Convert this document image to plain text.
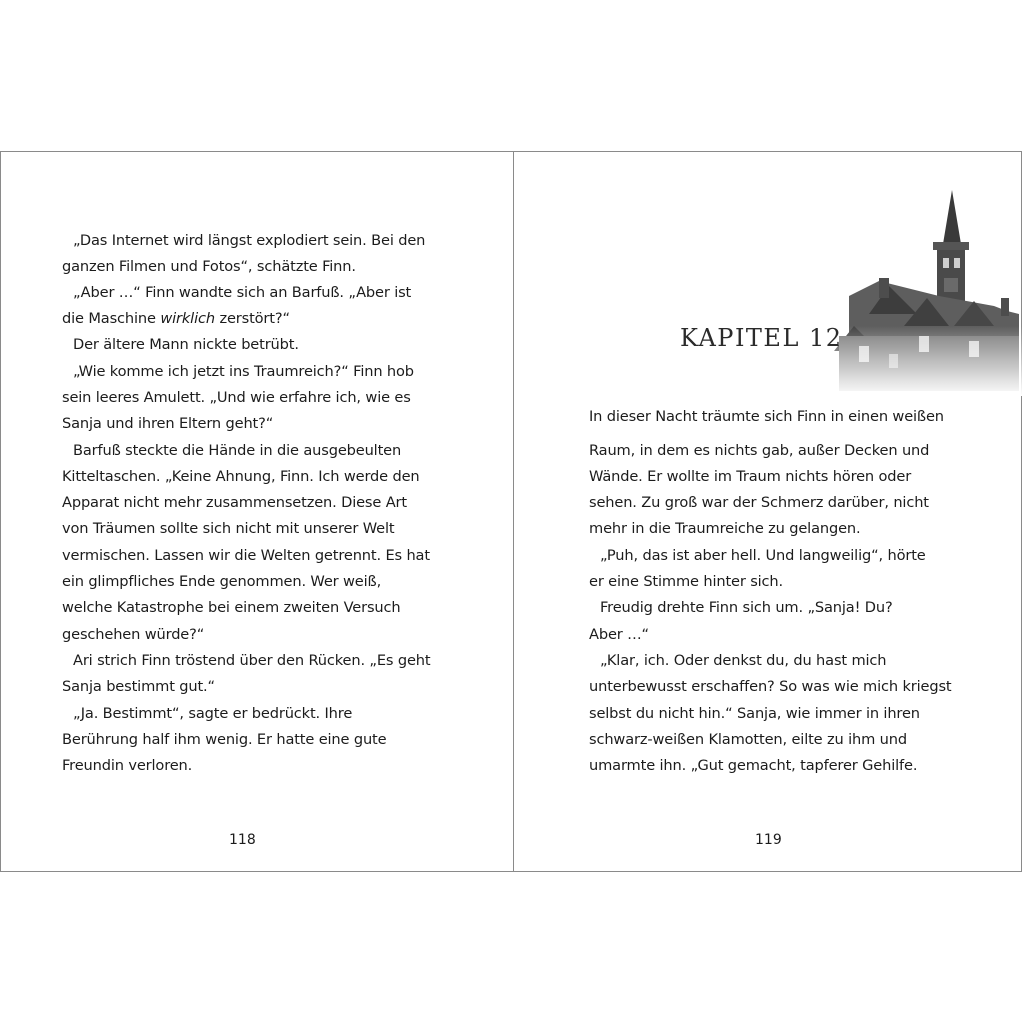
„Das Internet wird längst explodiert sein. Bei den
ganzen Filmen und Fotos“, schätzte Finn.
„Aber …“ Finn wandte sich an Barfuß. „Aber ist
die Maschine wirklich zerstört?“
Der ältere Mann nickte betrübt.
„Wie komme ich jetzt ins Traumreich?“ Finn hob
sein leeres Amulett. „Und wie erfahre ich, wie es
Sanja und ihren Eltern geht?“
Barfuß steckte die Hände in die ausgebeulten
Kitteltaschen. „Keine Ahnung, Finn. Ich werde den
Apparat nicht mehr zusammensetzen. Diese Art
von Träumen sollte sich nicht mit unserer Welt
vermischen. Lassen wir die Welten getrennt. Es hat
ein glimpfliches Ende genommen. Wer weiß,
welche Katastrophe bei einem zweiten Versuch
geschehen würde?“
Ari strich Finn tröstend über den Rücken. „Es geht
Sanja bestimmt gut.“
„Ja. Bestimmt“, sagte er bedrückt. Ihre
Berührung half ihm wenig. Er hatte eine gute
Freundin verloren.
118
KAPITEL 12
In dieser Nacht träumte sich Finn in einen weißen
Raum, in dem es nichts gab, außer Decken und
Wände. Er wollte im Traum nichts hören oder
sehen. Zu groß war der Schmerz darüber, nicht
mehr in die Traumreiche zu gelangen.
„Puh, das ist aber hell. Und langweilig“, hörte
er eine Stimme hinter sich.
Freudig drehte Finn sich um. „Sanja! Du?
Aber …“
„Klar, ich. Oder denkst du, du hast mich
unterbewusst erschaffen? So was wie mich kriegst
selbst du nicht hin.“ Sanja, wie immer in ihren
schwarz-weißen Klamotten, eilte zu ihm und
umarmte ihn. „Gut gemacht, tapferer Gehilfe.
119
